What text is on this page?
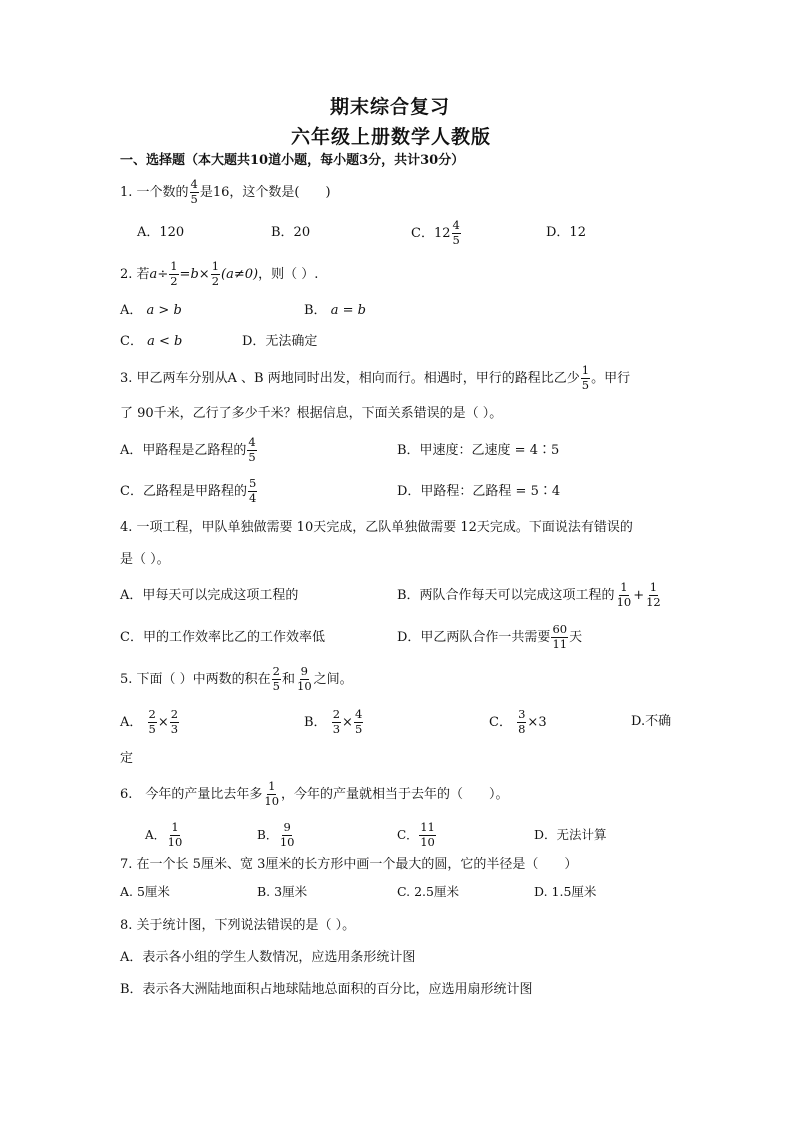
期末综合复习
六年级上册数学人教版
一、选择题（本大题共10道小题，每小题3分，共计30分）
1. 一个数的 $\frac{4}{5}$ 是16，这个数是(　　)
A．120	B．20	C．$12 \frac{4}{5}$	D．12
2. 若 $a \div \frac{1}{2} = b \times \frac{1}{2} (a\ne 0)$ ，则（ ）.
A． a > b	B． a = b
C． a < b	D．无法确定
3. 甲乙两车分别从A 、B 两地同时出发，相向而行。相遇时，甲行的路程比乙少 $\frac{1}{5}$ 。甲行
了 90千米，乙行了多少千米？根据信息，下面关系错误的是（ ）。
A．甲路程是乙路程的 $\frac{4}{5}$	B．甲速度：乙速度 = 4∶5
C．乙路程是甲路程的 $\frac{5}{4}$	D．甲路程：乙路程 = 5∶4
4. 一项工程，甲队单独做需要 10天完成，乙队单独做需要 12天完成。下面说法有错误的
是（ ）。
A．甲每天可以完成这项工程的	B．两队合作每天可以完成这项工程的 $\frac{1}{10} + \frac{1}{12}$
C．甲的工作效率比乙的工作效率低	D．甲乙两队合作一共需要 $\frac{60}{11}$ 天
5. 下面（ ）中两数的积在 $\frac{2}{5}$ 和 $\frac{9}{10}$ 之间。
A．
$\frac{2}{5} \times \frac{2}{3}$	B．
$\frac{2}{3} \times \frac{4}{5}$	C．
$\frac{3}{8} \times 3$	D.不确
定
6.　今年的产量比去年多 $\frac{1}{10}$ ，今年的产量就相当于去年的（　　）。
A． $\frac{1}{10}$	B． $\frac{9}{10}$	C． $\frac{11}{10}$	D．无法计算
7. 在一个长 5厘米、宽 3厘米的长方形中画一个最大的圆，它的半径是（　　）
A. 5厘米	B. 3厘米	C. 2.5厘米	D. 1.5厘米
8. 关于统计图，下列说法错误的是（ ）。
A．表示各小组的学生人数情况，应选用条形统计图
B．表示各大洲陆地面积占地球陆地总面积的百分比，应选用扇形统计图
